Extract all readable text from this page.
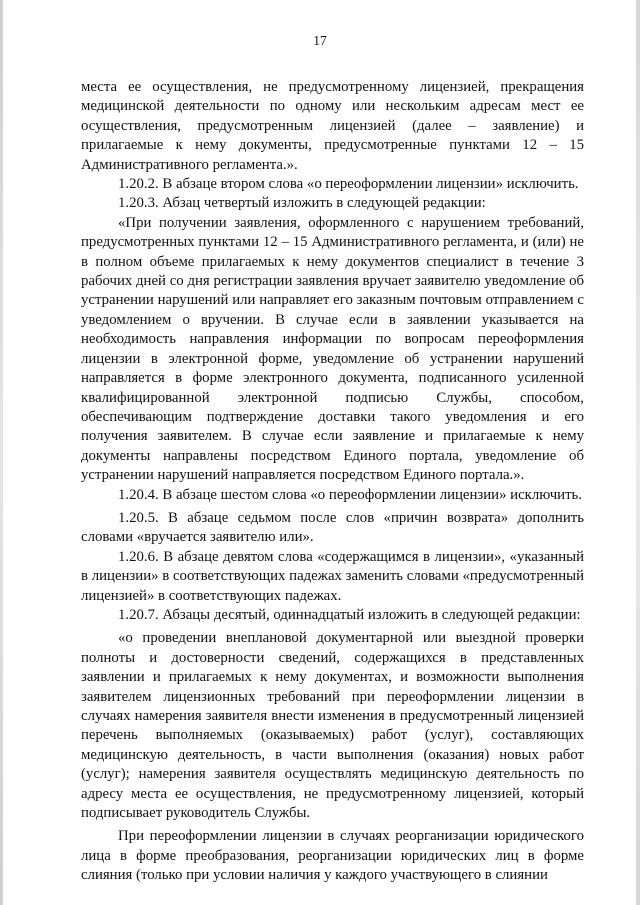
17

места ее осуществления, не предусмотренному лицензией, прекращения медицинской деятельности по одному или нескольким адресам мест ее осуществления, предусмотренным лицензией (далее – заявление) и прилагаемые к нему документы, предусмотренные пунктами 12 – 15 Административного регламента.».

1.20.2. В абзаце втором слова «о переоформлении лицензии» исключить.

1.20.3. Абзац четвертый изложить в следующей редакции:

«При получении заявления, оформленного с нарушением требований, предусмотренных пунктами 12 – 15 Административного регламента, и (или) не в полном объеме прилагаемых к нему документов специалист в течение 3 рабочих дней со дня регистрации заявления вручает заявителю уведомление об устранении нарушений или направляет его заказным почтовым отправлением с уведомлением о вручении. В случае если в заявлении указывается на необходимость направления информации по вопросам переоформления лицензии в электронной форме, уведомление об устранении нарушений направляется в форме электронного документа, подписанного усиленной квалифицированной электронной подписью Службы, способом, обеспечивающим подтверждение доставки такого уведомления и его получения заявителем. В случае если заявление и прилагаемые к нему документы направлены посредством Единого портала, уведомление об устранении нарушений направляется посредством Единого портала.».

1.20.4. В абзаце шестом слова «о переоформлении лицензии» исключить.

1.20.5. В абзаце седьмом после слов «причин возврата» дополнить словами «вручается заявителю или».

1.20.6. В абзаце девятом слова «содержащимся в лицензии», «указанный в лицензии» в соответствующих падежах заменить словами «предусмотренный лицензией» в соответствующих падежах.

1.20.7. Абзацы десятый, одиннадцатый изложить в следующей редакции:

«о проведении внеплановой документарной или выездной проверки полноты и достоверности сведений, содержащихся в представленных заявлении и прилагаемых к нему документах, и возможности выполнения заявителем лицензионных требований при переоформлении лицензии в случаях намерения заявителя внести изменения в предусмотренный лицензией перечень выполняемых (оказываемых) работ (услуг), составляющих медицинскую деятельность, в части выполнения (оказания) новых работ (услуг); намерения заявителя осуществлять медицинскую деятельность по адресу места ее осуществления, не предусмотренному лицензией, который подписывает руководитель Службы.

При переоформлении лицензии в случаях реорганизации юридического лица в форме преобразования, реорганизации юридических лиц в форме слияния (только при условии наличия у каждого участвующего в слиянии
